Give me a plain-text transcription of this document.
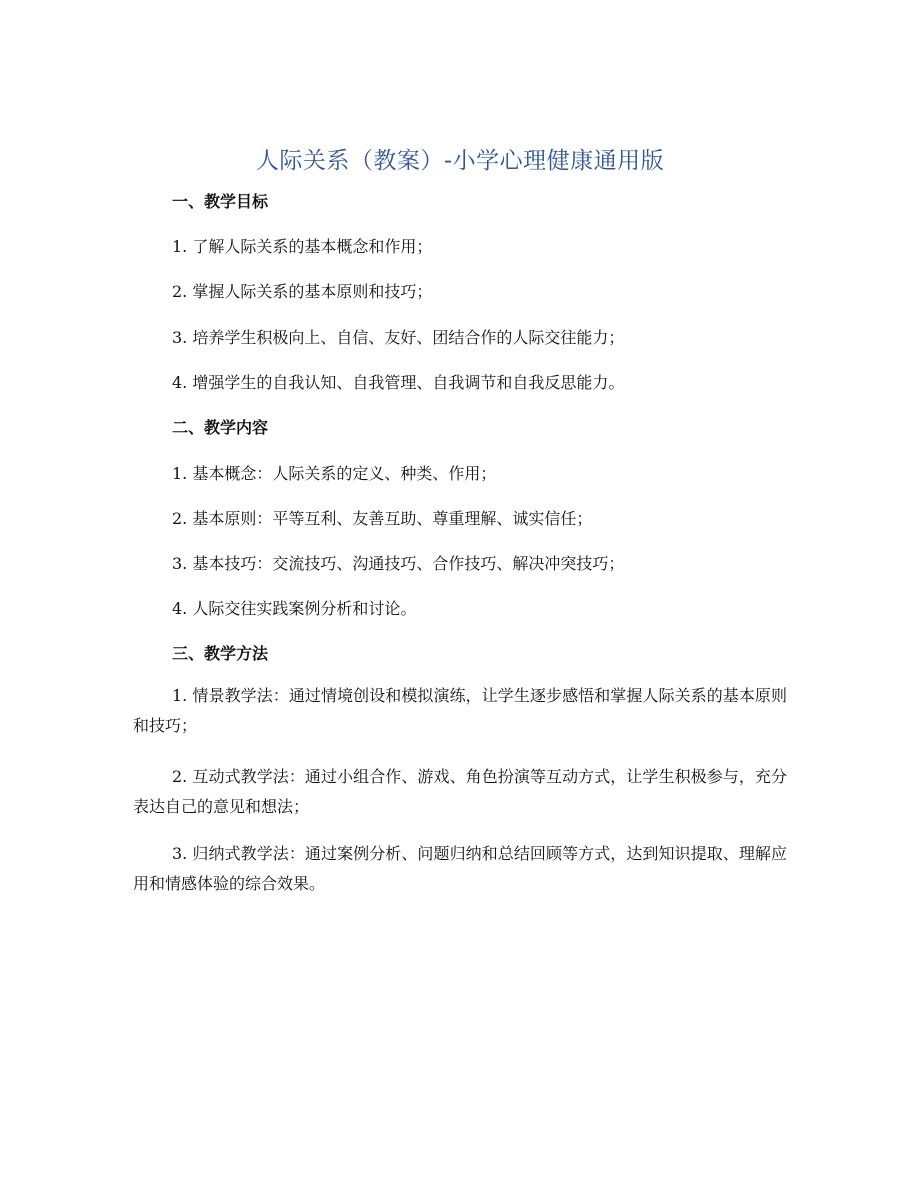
人际关系（教案）-小学心理健康通用版
一、教学目标
1. 了解人际关系的基本概念和作用；
2. 掌握人际关系的基本原则和技巧；
3. 培养学生积极向上、自信、友好、团结合作的人际交往能力；
4. 增强学生的自我认知、自我管理、自我调节和自我反思能力。
二、教学内容
1. 基本概念：人际关系的定义、种类、作用；
2. 基本原则：平等互利、友善互助、尊重理解、诚实信任；
3. 基本技巧：交流技巧、沟通技巧、合作技巧、解决冲突技巧；
4. 人际交往实践案例分析和讨论。
三、教学方法
1. 情景教学法：通过情境创设和模拟演练，让学生逐步感悟和掌握人际关系的基本原则和技巧；
2. 互动式教学法：通过小组合作、游戏、角色扮演等互动方式，让学生积极参与，充分表达自己的意见和想法；
3. 归纳式教学法：通过案例分析、问题归纳和总结回顾等方式，达到知识提取、理解应用和情感体验的综合效果。
